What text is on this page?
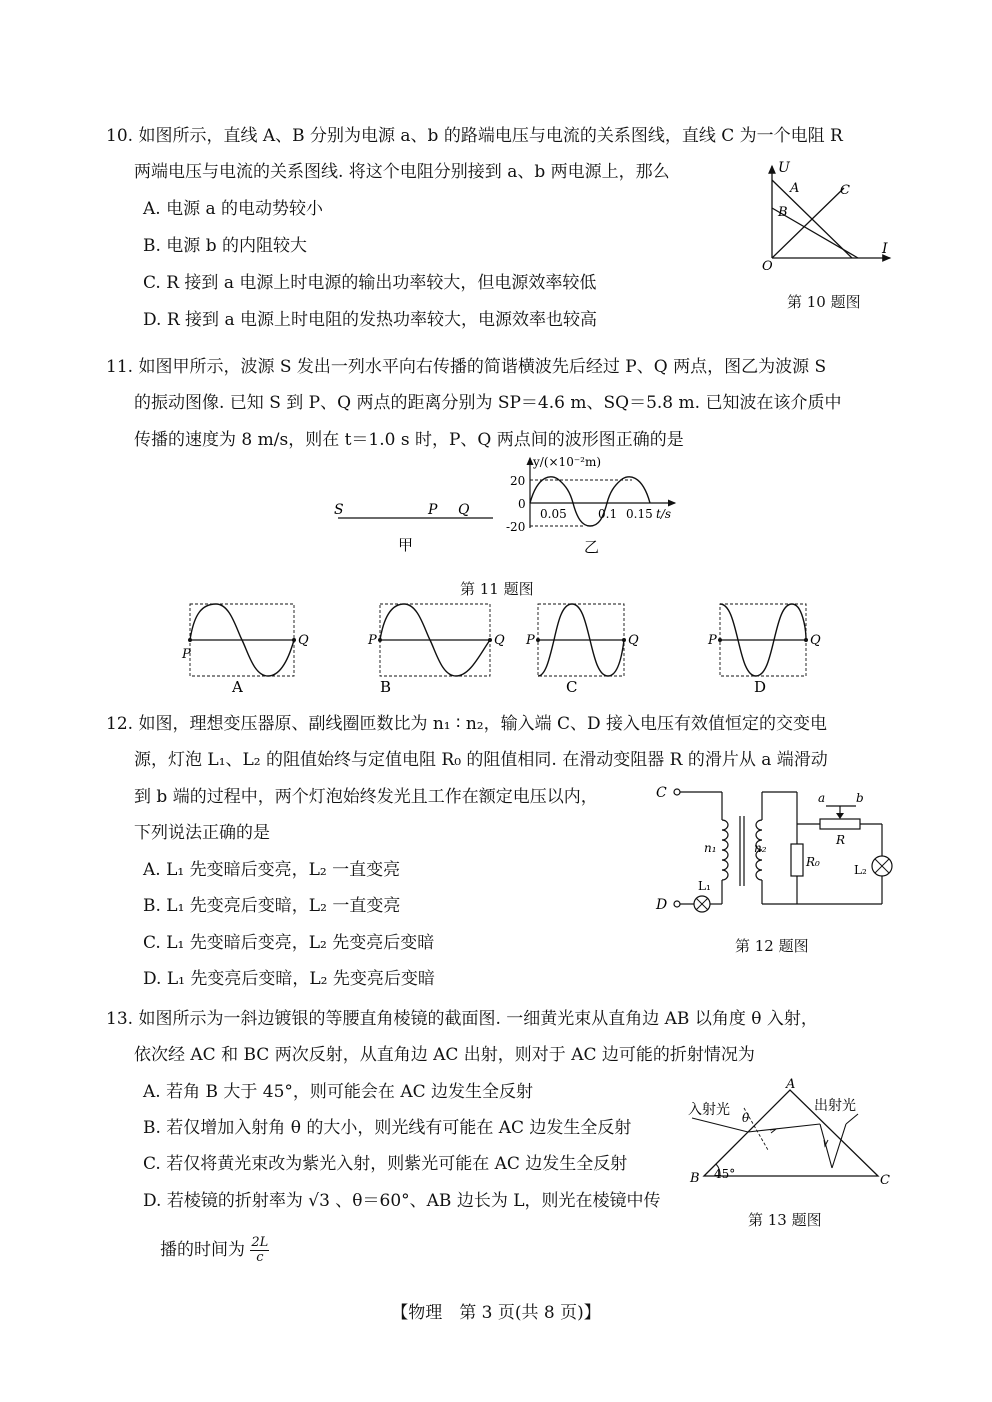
10. 如图所示，直线 A、B 分别为电源 a、b 的路端电压与电流的关系图线，直线 C 为一个电阻 R
两端电压与电流的关系图线. 将这个电阻分别接到 a、b 两电源上，那么
A. 电源 a 的电动势较小
B. 电源 b 的内阻较大
C. R 接到 a 电源上时电源的输出功率较大，但电源效率较低
D. R 接到 a 电源上时电阻的发热功率较大，电源效率也较高
U
I
O
A
B
C
第 10 题图
11. 如图甲所示，波源 S 发出一列水平向右传播的简谐横波先后经过 P、Q 两点，图乙为波源 S
的振动图像. 已知 S 到 P、Q 两点的距离分别为 SP＝4.6 m、SQ＝5.8 m. 已知波在该介质中
传播的速度为 8 m/s，则在 t＝1.0 s 时，P、Q 两点间的波形图正确的是
S	P Q
甲
y/(×10⁻²m)
20
0
-20
0.05	0.1 0.15 t/s
乙
第 11 题图
P
Q
A
P	Q
B
P	Q
C
P	Q
D
12. 如图，理想变压器原、副线圈匝数比为 n₁ ∶ n₂，输入端 C、D 接入电压有效值恒定的交变电
源，灯泡 L₁、L₂ 的阻值始终与定值电阻 R₀ 的阻值相同. 在滑动变阻器 R 的滑片从 a 端滑动
到 b 端的过程中，两个灯泡始终发光且工作在额定电压以内，
下列说法正确的是
A. L₁ 先变暗后变亮，L₂ 一直变亮
B. L₁ 先变亮后变暗，L₂ 一直变亮
C. L₁ 先变暗后变亮，L₂ 先变亮后变暗
D. L₁ 先变亮后变暗，L₂ 先变亮后变暗
C
D
n₁	n₂
L₁
L₂
R₀
R
a	b
第 12 题图
13. 如图所示为一斜边镀银的等腰直角棱镜的截面图. 一细黄光束从直角边 AB 以角度 θ 入射，
依次经 AC 和 BC 两次反射，从直角边 AC 出射，则对于 AC 边可能的折射情况为
A. 若角 B 大于 45°，则可能会在 AC 边发生全反射
B. 若仅增加入射角 θ 的大小，则光线有可能在 AC 边发生全反射
C. 若仅将黄光束改为紫光入射，则紫光可能在 AC 边发生全反射
D. 若棱镜的折射率为 √3 、θ＝60°、AB 边长为 L，则光在棱镜中传
播的时间为 $\frac{2L}{c}$
A
B	C
45°
θ
入射光	出射光
第 13 题图
【物理　第 3 页(共 8 页)】
